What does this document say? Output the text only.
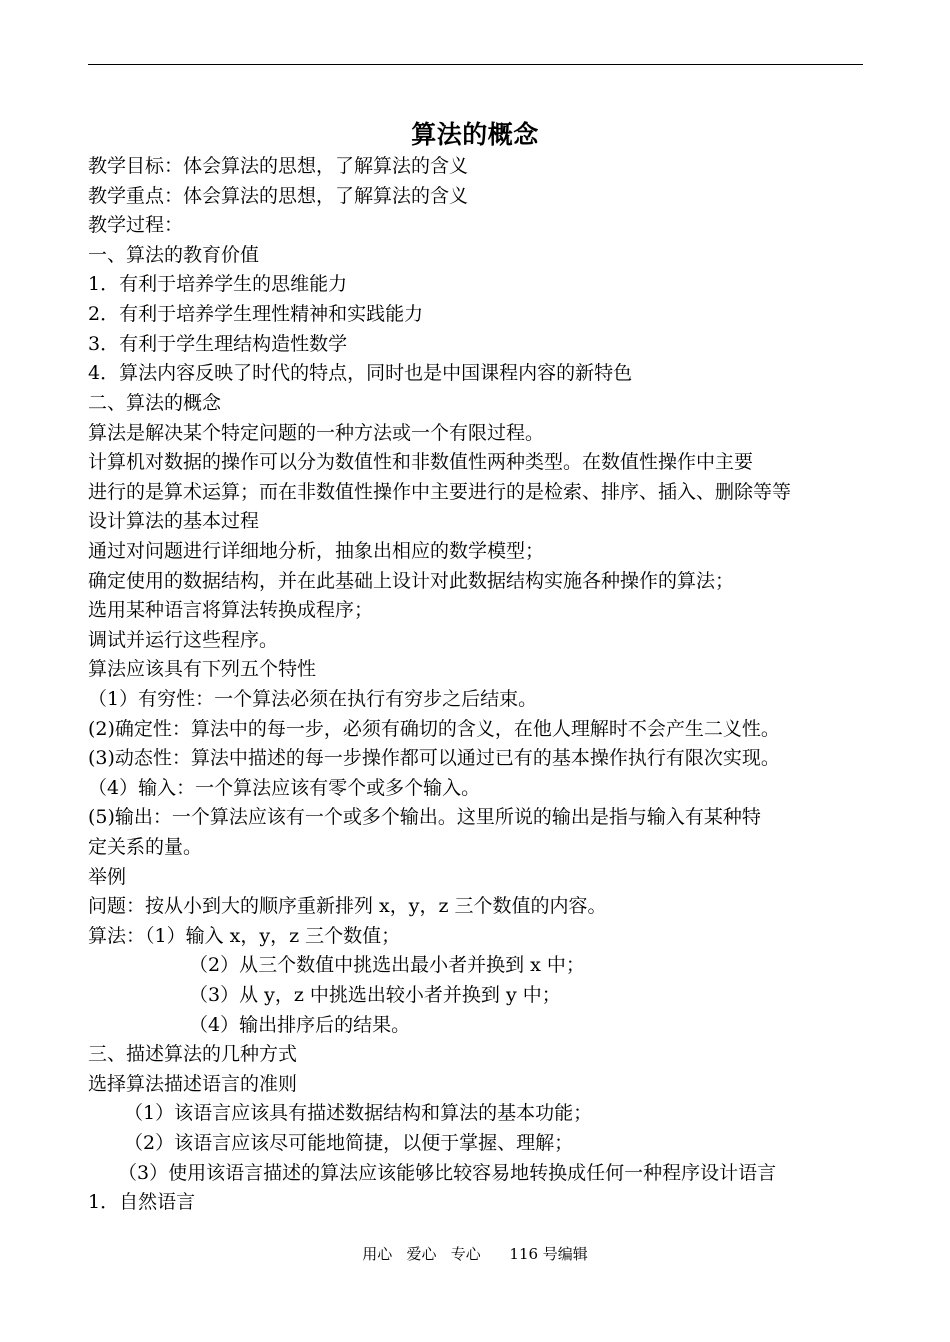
算法的概念
教学目标：体会算法的思想，了解算法的含义
教学重点：体会算法的思想，了解算法的含义
教学过程：
一、算法的教育价值
1．有利于培养学生的思维能力
2．有利于培养学生理性精神和实践能力
3．有利于学生理结构造性数学
4．算法内容反映了时代的特点，同时也是中国课程内容的新特色
二、算法的概念
算法是解决某个特定问题的一种方法或一个有限过程。
计算机对数据的操作可以分为数值性和非数值性两种类型。在数值性操作中主要
进行的是算术运算；而在非数值性操作中主要进行的是检索、排序、插入、删除等等
设计算法的基本过程
通过对问题进行详细地分析，抽象出相应的数学模型；
确定使用的数据结构，并在此基础上设计对此数据结构实施各种操作的算法；
选用某种语言将算法转换成程序；
调试并运行这些程序。
算法应该具有下列五个特性
（1）有穷性：一个算法必须在执行有穷步之后结束。
(2)确定性：算法中的每一步，必须有确切的含义，在他人理解时不会产生二义性。
(3)动态性：算法中描述的每一步操作都可以通过已有的基本操作执行有限次实现。
（4）输入：一个算法应该有零个或多个输入。
(5)输出：一个算法应该有一个或多个输出。这里所说的输出是指与输入有某种特
定关系的量。
举例
问题：按从小到大的顺序重新排列 x，y，z 三个数值的内容。
算法：（1）输入 x，y，z 三个数值；
（2）从三个数值中挑选出最小者并换到 x 中；
（3）从 y，z 中挑选出较小者并换到 y 中；
（4）输出排序后的结果。
三、描述算法的几种方式
选择算法描述语言的准则
（1）该语言应该具有描述数据结构和算法的基本功能；
（2）该语言应该尽可能地简捷，以便于掌握、理解；
（3）使用该语言描述的算法应该能够比较容易地转换成任何一种程序设计语言
1．自然语言
用心   爱心   专心      116 号编辑
